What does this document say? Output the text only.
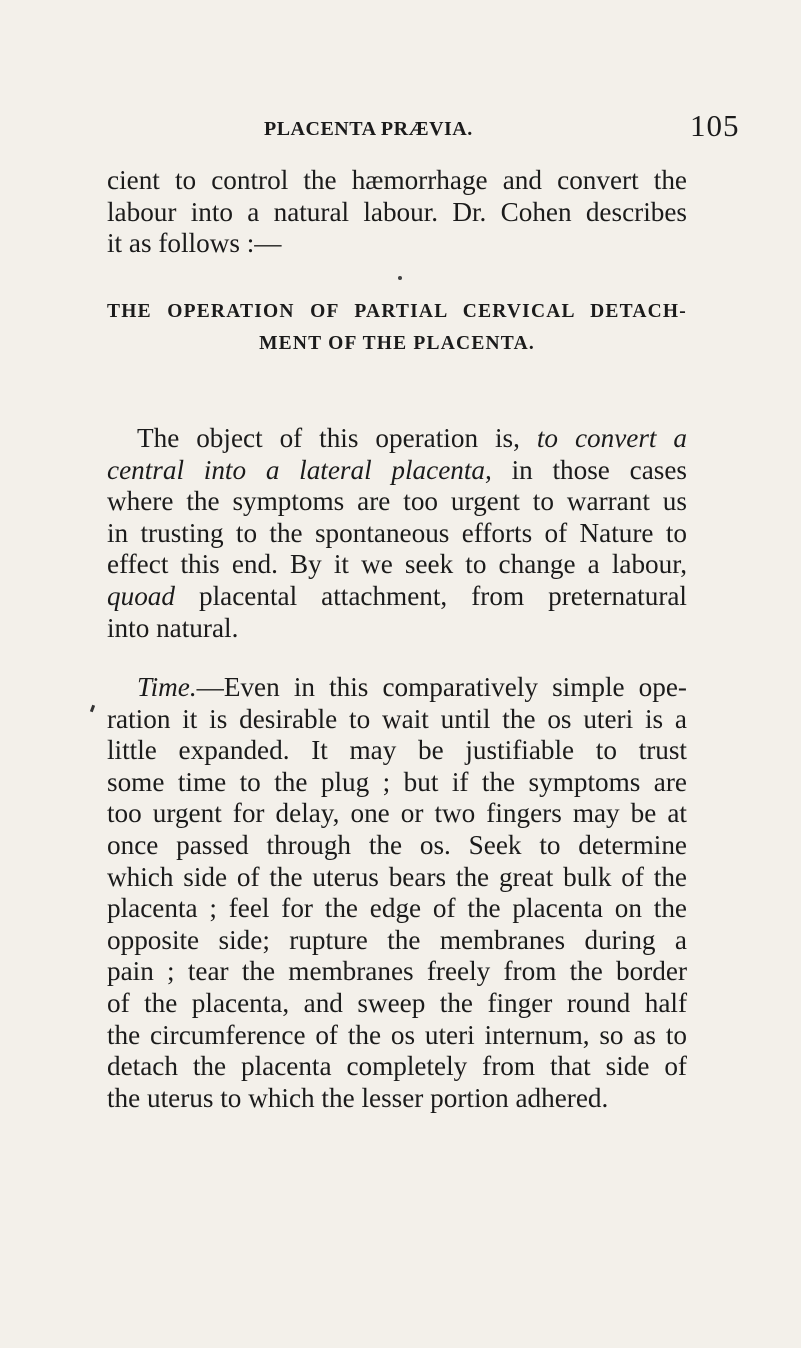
PLACENTA PRÆVIA.	105

cient to control the hæmorrhage and convert the
labour into a natural labour. Dr. Cohen describes
it as follows :—

THE OPERATION OF PARTIAL CERVICAL DETACH-
MENT OF THE PLACENTA.

The object of this operation is, to convert a
central into a lateral placenta, in those cases
where the symptoms are too urgent to warrant us
in trusting to the spontaneous efforts of Nature to
effect this end. By it we seek to change a labour,
quoad placental attachment, from preternatural
into natural.

Time.—Even in this comparatively simple ope-
ration it is desirable to wait until the os uteri is a
little expanded. It may be justifiable to trust
some time to the plug ; but if the symptoms are
too urgent for delay, one or two fingers may be at
once passed through the os. Seek to determine
which side of the uterus bears the great bulk of the
placenta ; feel for the edge of the placenta on the
opposite side; rupture the membranes during a
pain ; tear the membranes freely from the border
of the placenta, and sweep the finger round half
the circumference of the os uteri internum, so as to
detach the placenta completely from that side of
the uterus to which the lesser portion adhered.
